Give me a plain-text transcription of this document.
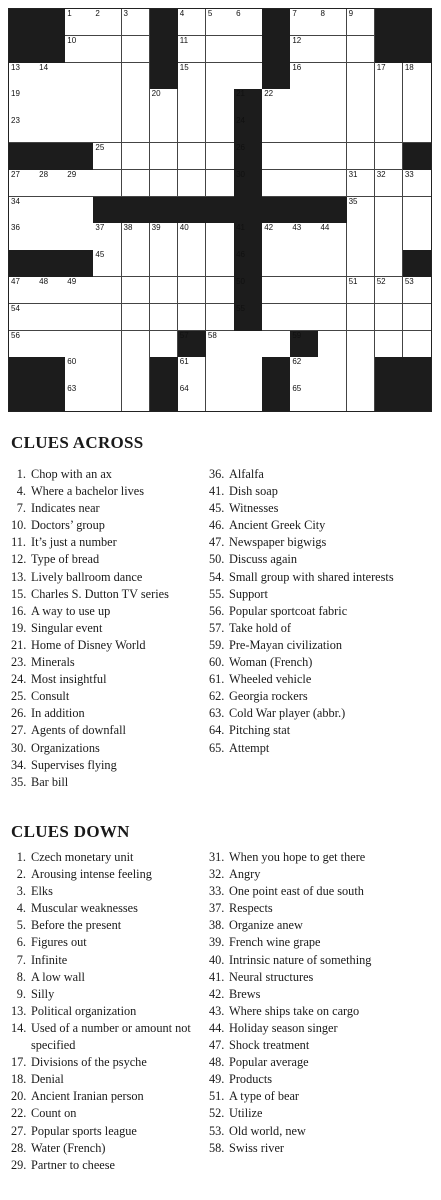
1	2	3	4	5	6	7	8	9
10	11	12
13 14	15	16	17 18
19	20	21 22
23	24
25	26
27 28 29	30	31 32 33
34	35
36	37 38 39 40	41 42 43 44
45	46
47 48 49	50	51 52 53
54	55
56	57 58	59
60	61	62
63	64	65
CLUES ACROSS
1. Chop with an ax
4. Where a bachelor lives
7. Indicates near
10. Doctors’ group
11. It’s just a number
12. Type of bread
13. Lively ballroom dance
15. Charles S. Dutton TV series
16. A way to use up
19. Singular event
21. Home of Disney World
23. Minerals
24. Most insightful
25. Consult
26. In addition
27. Agents of downfall
30. Organizations
34. Supervises flying
35. Bar bill
36. Alfalfa
41. Dish soap
45. Witnesses
46. Ancient Greek City
47. Newspaper bigwigs
50. Discuss again
54. Small group with shared interests
55. Support
56. Popular sportcoat fabric
57. Take hold of
59. Pre-Mayan civilization
60. Woman (French)
61. Wheeled vehicle
62. Georgia rockers
63. Cold War player (abbr.)
64. Pitching stat
65. Attempt
CLUES DOWN
1. Czech monetary unit
2. Arousing intense feeling
3. Elks
4. Muscular weaknesses
5. Before the present
6. Figures out
7. Infinite
8. A low wall
9. Silly
13. Political organization
14. Used of a number or amount not specified
17. Divisions of the psyche
18. Denial
20. Ancient Iranian person
22. Count on
27. Popular sports league
28. Water (French)
29. Partner to cheese
31. When you hope to get there
32. Angry
33. One point east of due south
37. Respects
38. Organize anew
39. French wine grape
40. Intrinsic nature of something
41. Neural structures
42. Brews
43. Where ships take on cargo
44. Holiday season singer
47. Shock treatment
48. Popular average
49. Products
51. A type of bear
52. Utilize
53. Old world, new
58. Swiss river
